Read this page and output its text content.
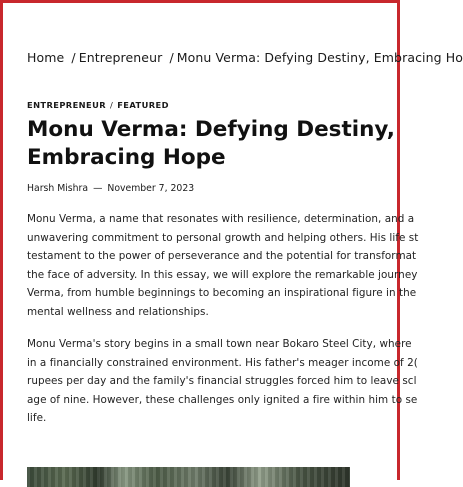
Home / Entrepreneur / Monu Verma: Defying Destiny, Embracing Ho
ENTREPRENEUR / FEATURED
Monu Verma: Defying Destiny,
Embracing Hope
Harsh Mishra — November 7, 2023

Monu Verma, a name that resonates with resilience, determination, and a
unwavering commitment to personal growth and helping others. His life st
testament to the power of perseverance and the potential for transformat
the face of adversity. In this essay, we will explore the remarkable journey
Verma, from humble beginnings to becoming an inspirational figure in the
mental wellness and relationships.

Monu Verma's story begins in a small town near Bokaro Steel City, where
in a financially constrained environment. His father's meager income of 2(
rupees per day and the family's financial struggles forced him to leave scl
age of nine. However, these challenges only ignited a fire within him to se
life.
